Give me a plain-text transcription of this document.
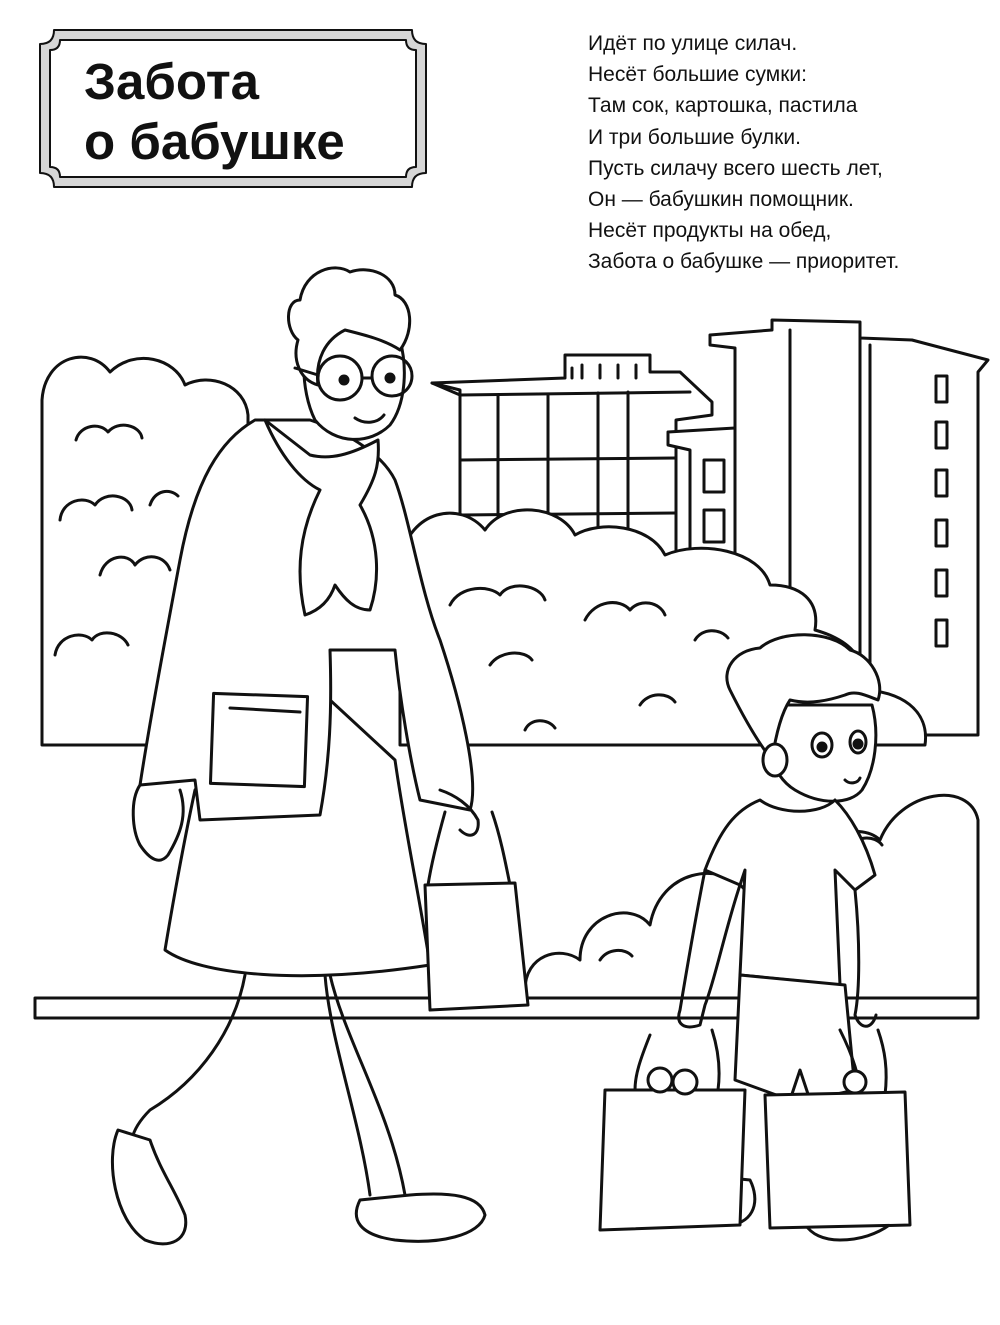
Забота
о бабушке
Идёт по улице силач.
Несёт большие сумки:
Там сок, картошка, пастила
И три большие булки.
Пусть силачу всего шесть лет,
Он — бабушкин помощник.
Несёт продукты на обед,
Забота о бабушке — приоритет.
